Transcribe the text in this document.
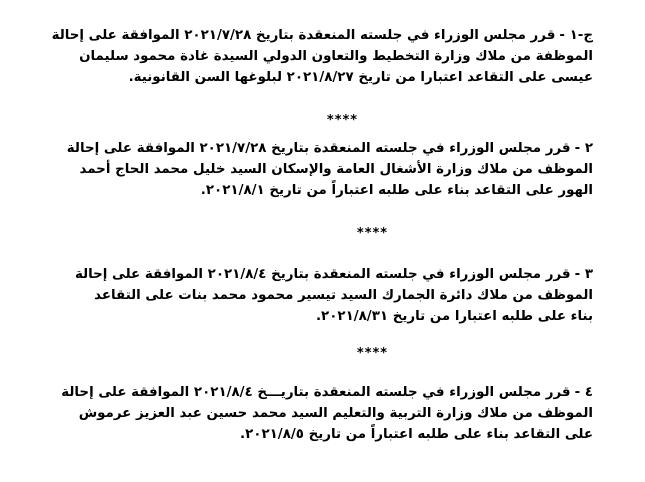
ج-١ -قرر مجلس الوزراء في جلسته المنعقدة بتاريخ ٢٠٢١/٧/٢٨ الموافقة على إحالة
الموظفة من ملاك وزارة التخطيط والتعاون الدولي السيدة غادة محمود سليمان
عيسى على التقاعد اعتبارا من تاريخ ٢٠٢١/٨/٢٧ لبلوغها السن القانونية.
****
٢ -قرر مجلس الوزراء في جلسته المنعقدة بتاريخ ٢٠٢١/٧/٢٨ الموافقة على إحالة
الموظف من ملاك وزارة الأشغال العامة والإسكان السيد خليل محمد الحاج أحمد
الهور على التقاعد بناء على طلبه اعتباراً من تاريخ ٢٠٢١/٨/١.
****
٣ -قرر مجلس الوزراء في جلسته المنعقدة بتاريخ ٢٠٢١/٨/٤ الموافقة على إحالة
الموظف من ملاك دائرة الجمارك السيد تيسير محمود محمد بنات على التقاعد
بناء على طلبه اعتبارا من تاريخ ٢٠٢١/٨/٣١.
****
٤ -قرر مجلس الوزراء في جلسته المنعقدة بتاريـــخ ٢٠٢١/٨/٤ الموافقة على إحالة
الموظف من ملاك وزارة التربية والتعليم السيد محمد حسين عبد العزيز عرموش
على التقاعد بناء على طلبه اعتباراً من تاريخ ٢٠٢١/٨/٥.
